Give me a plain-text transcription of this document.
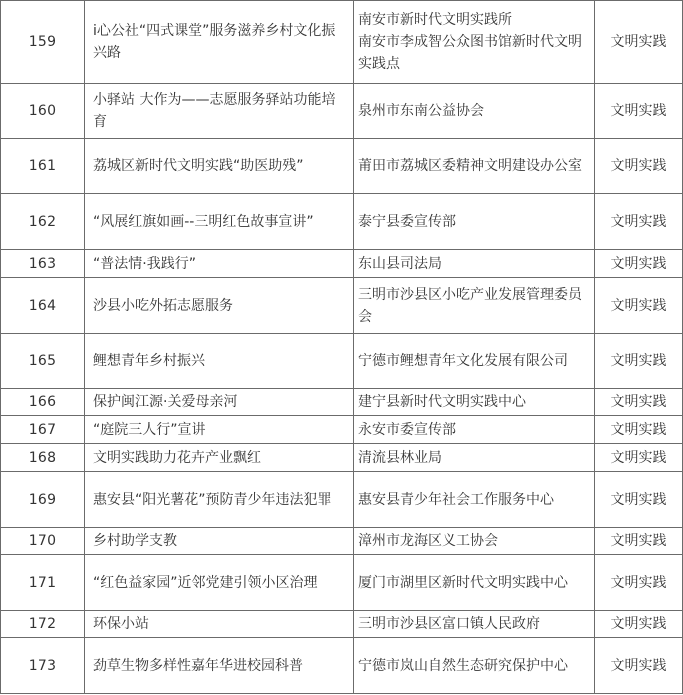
159	i心公社“四式课堂”服务滋养乡村文化振兴路	南安市新时代文明实践所
南安市李成智公众图书馆新时代文明实践点	文明实践
160	小驿站 大作为——志愿服务驿站功能培育	泉州市东南公益协会	文明实践
161	荔城区新时代文明实践“助医助残”	莆田市荔城区委精神文明建设办公室	文明实践
162	“风展红旗如画--三明红色故事宣讲”	泰宁县委宣传部	文明实践
163	“普法情·我践行”	东山县司法局	文明实践
164	沙县小吃外拓志愿服务	三明市沙县区小吃产业发展管理委员会	文明实践
165	鲤想青年乡村振兴	宁德市鲤想青年文化发展有限公司	文明实践
166	保护闽江源·关爱母亲河	建宁县新时代文明实践中心	文明实践
167	“庭院三人行”宣讲	永安市委宣传部	文明实践
168	文明实践助力花卉产业飘红	清流县林业局	文明实践
169	惠安县“阳光薯花”预防青少年违法犯罪	惠安县青少年社会工作服务中心	文明实践
170	乡村助学支教	漳州市龙海区义工协会	文明实践
171	“红色益家园”近邻党建引领小区治理	厦门市湖里区新时代文明实践中心	文明实践
172	环保小站	三明市沙县区富口镇人民政府	文明实践
173	劲草生物多样性嘉年华进校园科普	宁德市岚山自然生态研究保护中心	文明实践
